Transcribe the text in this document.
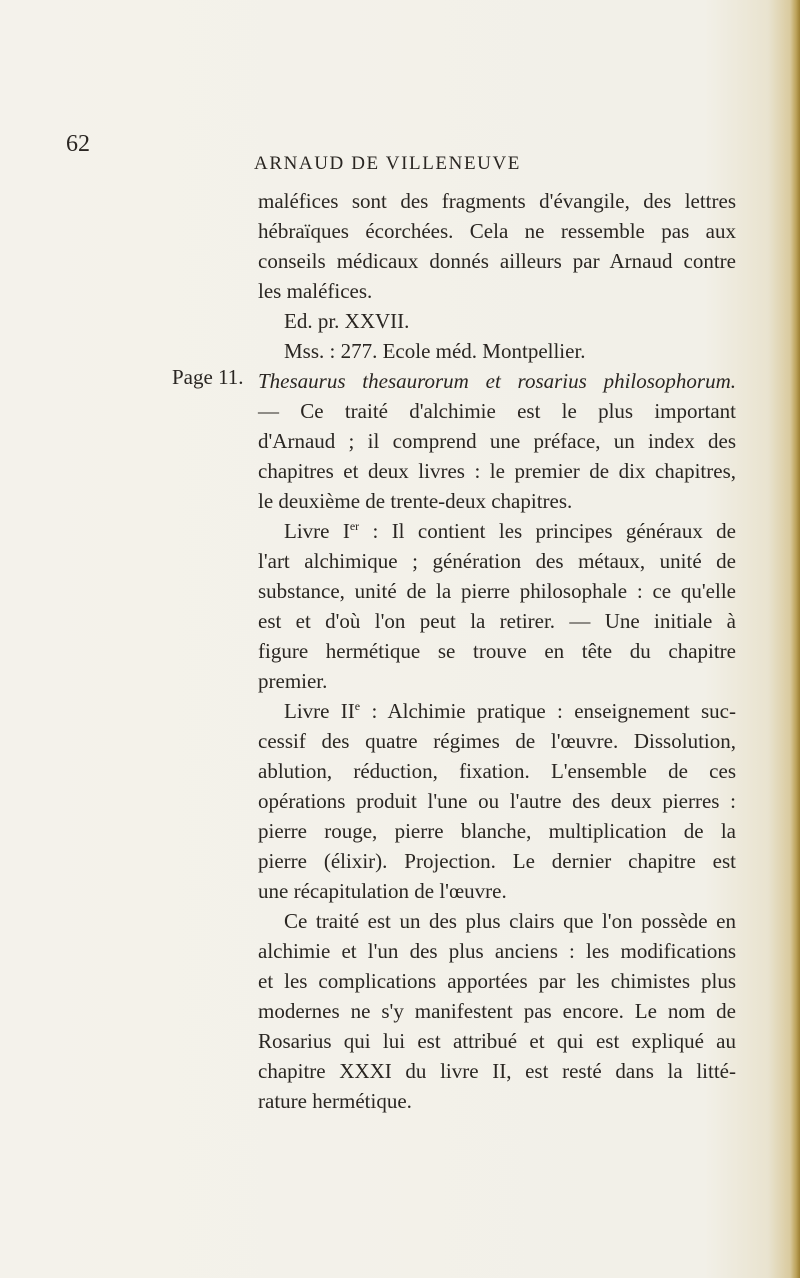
62
ARNAUD DE VILLENEUVE
Page 11.
maléfices sont des fragments d'évangile, des lettres
hébraïques écorchées. Cela ne ressemble pas aux
conseils médicaux donnés ailleurs par Arnaud contre
les maléfices.
Ed. pr. XXVII.
Mss. : 277. Ecole méd. Montpellier.
Thesaurus thesaurorum et rosarius philosophorum.
— Ce traité d'alchimie est le plus important
d'Arnaud ; il comprend une préface, un index des
chapitres et deux livres : le premier de dix chapitres,
le deuxième de trente-deux chapitres.
Livre Ier : Il contient les principes généraux de
l'art alchimique ; génération des métaux, unité de
substance, unité de la pierre philosophale : ce qu'elle
est et d'où l'on peut la retirer. — Une initiale à
figure hermétique se trouve en tête du chapitre
premier.
Livre IIe : Alchimie pratique : enseignement suc-
cessif des quatre régimes de l'œuvre. Dissolution,
ablution, réduction, fixation. L'ensemble de ces
opérations produit l'une ou l'autre des deux pierres :
pierre rouge, pierre blanche, multiplication de la
pierre (élixir). Projection. Le dernier chapitre est
une récapitulation de l'œuvre.
Ce traité est un des plus clairs que l'on possède en
alchimie et l'un des plus anciens : les modifications
et les complications apportées par les chimistes plus
modernes ne s'y manifestent pas encore. Le nom de
Rosarius qui lui est attribué et qui est expliqué au
chapitre XXXI du livre II, est resté dans la litté-
rature hermétique.
